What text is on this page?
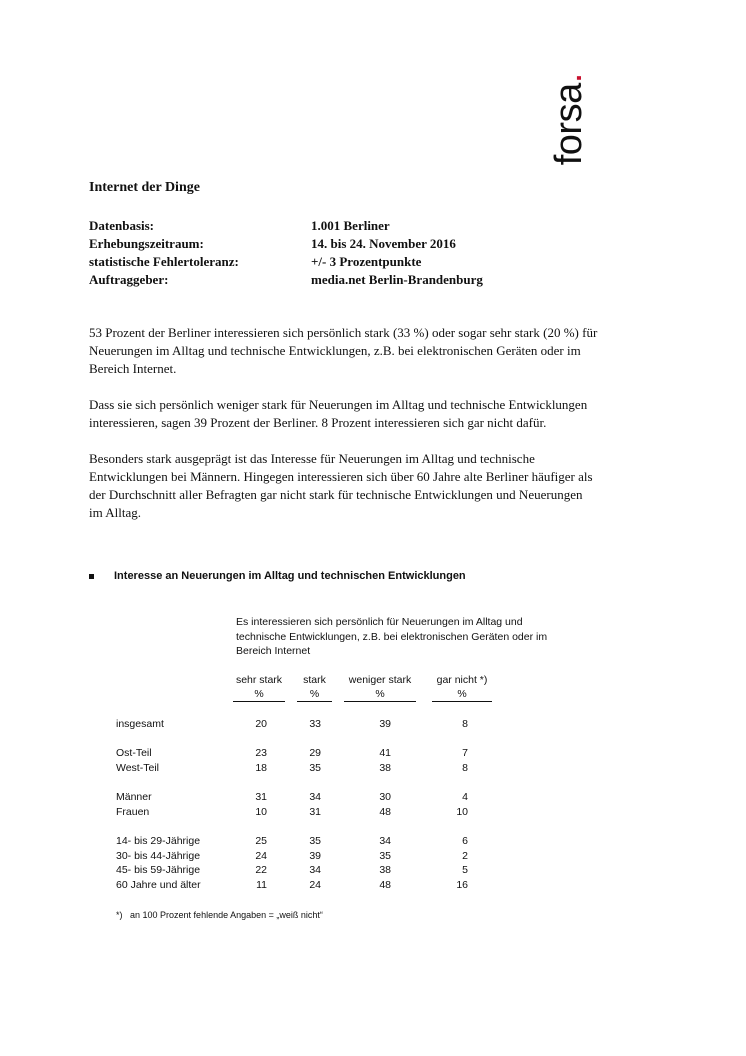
forsa
.
Internet der Dinge
Datenbasis:	1.001 Berliner
Erhebungszeitraum:	14. bis 24. November 2016
statistische Fehlertoleranz:	+/- 3 Prozentpunkte
Auftraggeber:	media.net Berlin-Brandenburg

53 Prozent der Berliner interessieren sich persönlich stark (33 %) oder sogar sehr stark (20 %) für Neuerungen im Alltag und technische Entwicklungen, z.B. bei elektronischen Geräten oder im Bereich Internet.

Dass sie sich persönlich weniger stark für Neuerungen im Alltag und technische Entwicklungen interessieren, sagen 39 Prozent der Berliner. 8 Prozent interessieren sich gar nicht dafür.

Besonders stark ausgeprägt ist das Interesse für Neuerungen im Alltag und technische Entwicklungen bei Männern. Hingegen interessieren sich über 60 Jahre alte Berliner häufiger als der Durchschnitt aller Befragten gar nicht stark für technische Entwicklungen und Neuerungen im Alltag.

Interesse an Neuerungen im Alltag und technischen Entwicklungen
Es interessieren sich persönlich für Neuerungen im Alltag und technische Entwicklungen, z.B. bei elektronischen Geräten oder im Bereich Internet
sehr stark
%
stark
%
weniger stark
%
gar nicht *)
%
insgesamt	20	33	39	8
Ost-Teil	23	29	41	7
West-Teil	18	35	38	8
Männer	31	34	30	4
Frauen	10	31	48	10
14- bis 29-Jährige	25	35	34	6
30- bis 44-Jährige	24	39	35	2
45- bis 59-Jährige	22	34	38	5
60 Jahre und älter	11	24	48	16
*) an 100 Prozent fehlende Angaben = „weiß nicht“
